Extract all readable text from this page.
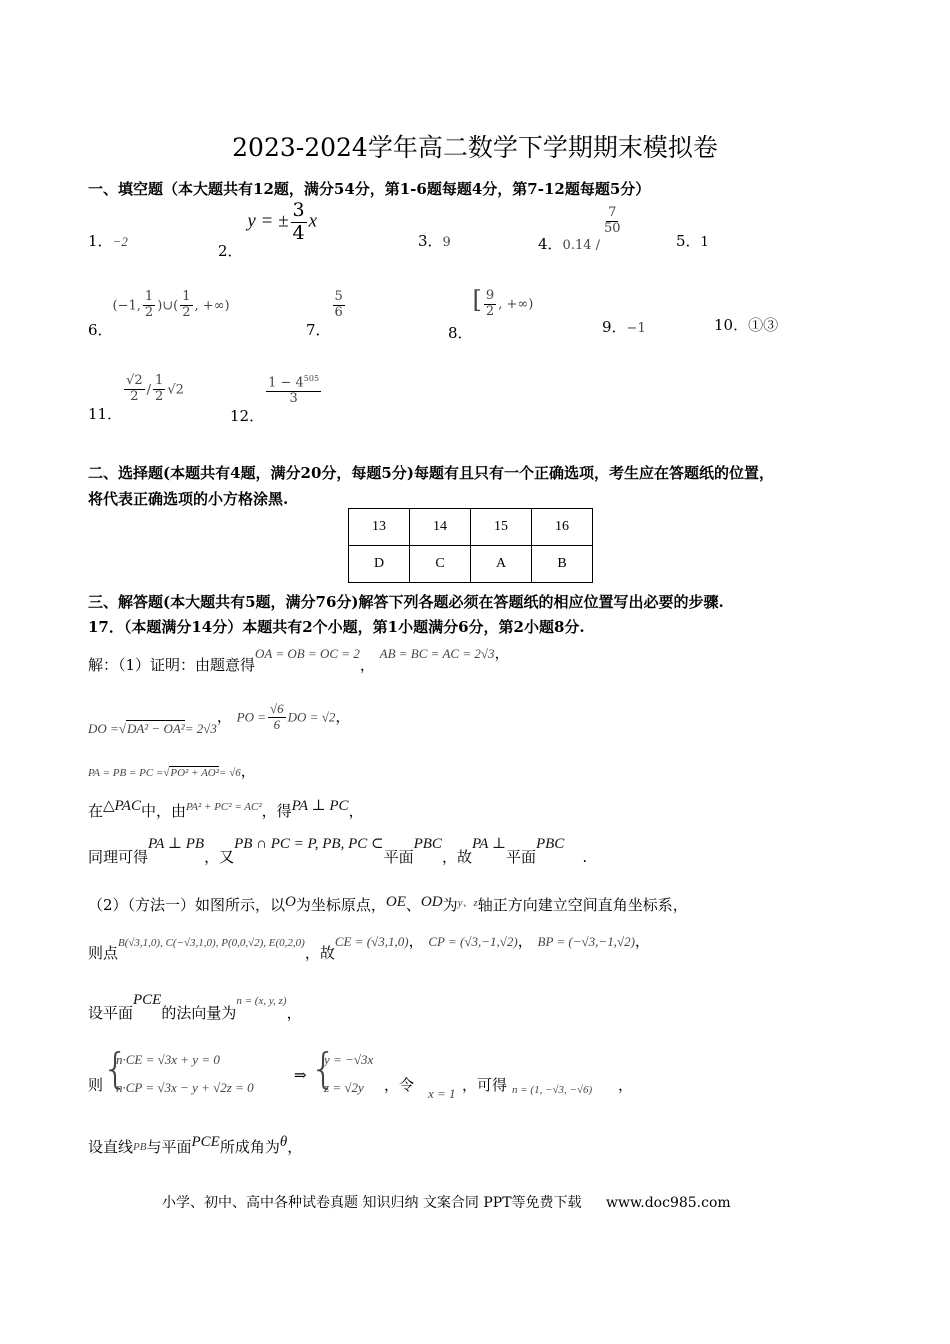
2023-2024学年高二数学下学期期末模拟卷
一、填空题（本大题共有12题，满分54分，第1-6题每题4分，第7-12题每题5分）
1．−2
2． y = ± $\frac{3}{4}$ x
3．9	4．0.14 /
$\frac{7}{50}$
5．1
6．(−1, $\frac{1}{2}$ )∪( $\frac{1}{2}$ , +∞)
7．
$\frac{5}{6}$
8．[ $\frac{9}{2}$ , +∞)
9．−1	10．①③
11．
$\frac{√2}{2} / \frac{1}{2} √2$
12．
$\frac{1 - 4^{505}}{3}$
二、选择题(本题共有4题，满分20分，每题5分)每题有且只有一个正确选项，考生应在答题纸的位置，
将代表正确选项的小方格涂黑.
13	14	15	16
D	C	A	B
三、解答题(本大题共有5题，满分76分)解答下列各题必须在答题纸的相应位置写出必要的步骤.
17．（本题满分14分）本题共有2个小题，第1小题满分6分，第2小题8分.
解：（1）证明：由题意得OA = OB = OC = 2， AB = BC = AC = 2√3，
DO =√DA² − OA²= 2√3， PO = $\frac{√6}{6}$ DO = √2，
PA = PB = PC =√PO² + AO²= √6，
在△PAC中，由PA² + PC² = AC²，得PA ⊥ PC，
同理可得PA ⊥ PB，又PB ∩ PC = P, PB, PC ⊂平面PBC，故PA ⊥平面PBC.
（2）（方法一）如图所示，以O为坐标原点，OE、OD为y、z轴正方向建立空间直角坐标系，
则点B(√3,1,0), C(−√3,1,0), P(0,0,√2), E(0,2,0)，故CE = (√3,1,0)， CP = (√3,−1,√2)， BP = (−√3,−1,√2)，
设平面PCE的法向量为n = (x, y, z)，
则
{
n·CE = √3x + y = 0
n·CP = √3x − y + √2z = 0
⇒ {
y = −√3x
z = √2y ，令 x = 1 ，可得 n = (1, −√3, −√6) ，
设直线$_{PB}$与平面PCE所成角为θ，
小学、初中、高中各种试卷真题 知识归纳 文案合同 PPT等免费下载 www.doc985.com
